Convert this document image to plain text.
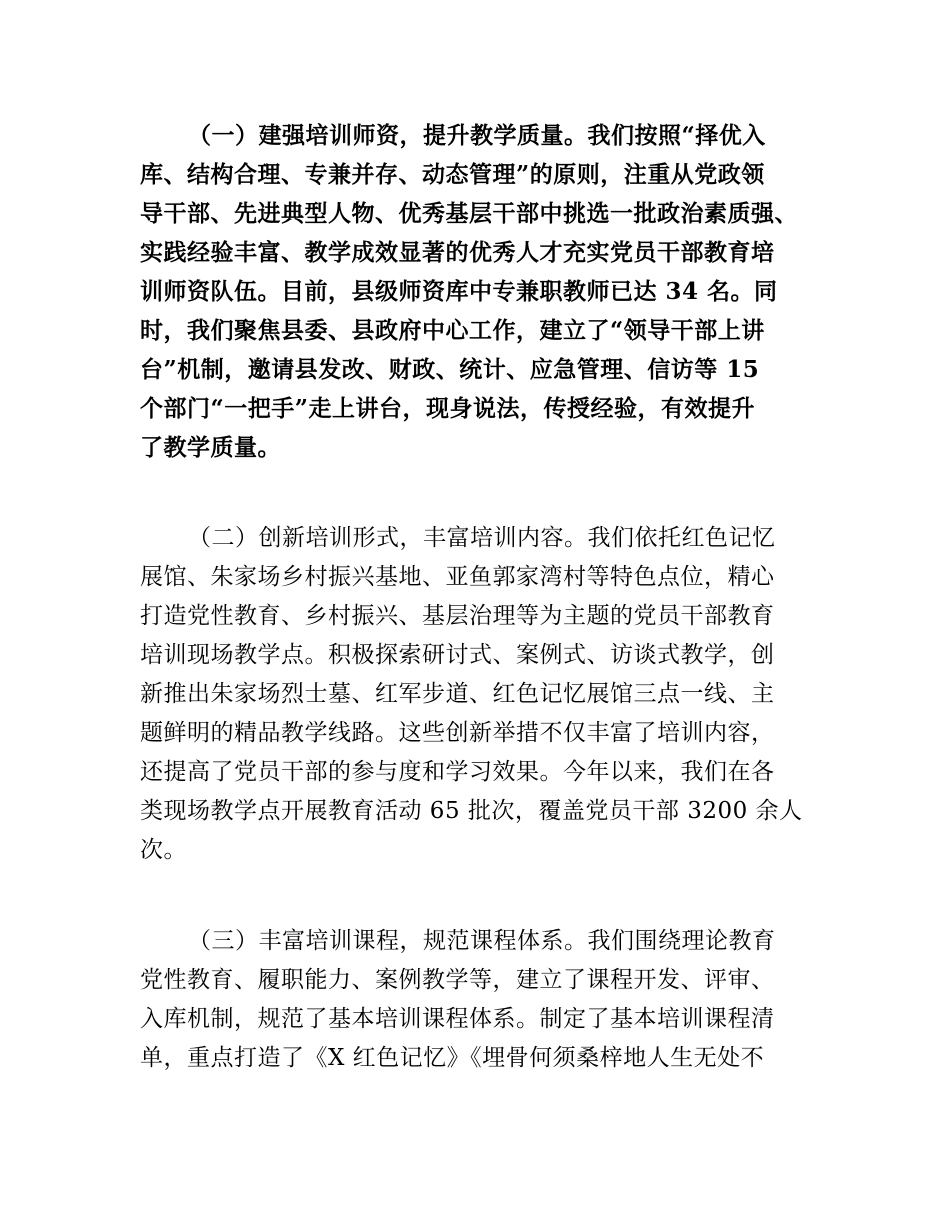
（一）建强培训师资，提升教学质量。我们按照“择优入
库、结构合理、专兼并存、动态管理”的原则，注重从党政领
导干部、先进典型人物、优秀基层干部中挑选一批政治素质强、
实践经验丰富、教学成效显著的优秀人才充实党员干部教育培
训师资队伍。目前，县级师资库中专兼职教师已达 34 名。同
时，我们聚焦县委、县政府中心工作，建立了“领导干部上讲
台”机制，邀请县发改、财政、统计、应急管理、信访等 15
个部门“一把手”走上讲台，现身说法，传授经验，有效提升
了教学质量。
（二）创新培训形式，丰富培训内容。我们依托红色记忆
展馆、朱家场乡村振兴基地、亚鱼郭家湾村等特色点位，精心
打造党性教育、乡村振兴、基层治理等为主题的党员干部教育
培训现场教学点。积极探索研讨式、案例式、访谈式教学，创
新推出朱家场烈士墓、红军步道、红色记忆展馆三点一线、主
题鲜明的精品教学线路。这些创新举措不仅丰富了培训内容，
还提高了党员干部的参与度和学习效果。今年以来，我们在各
类现场教学点开展教育活动 65 批次，覆盖党员干部 3200 余人
次。
（三）丰富培训课程，规范课程体系。我们围绕理论教育
党性教育、履职能力、案例教学等，建立了课程开发、评审、
入库机制，规范了基本培训课程体系。制定了基本培训课程清
单，重点打造了《X 红色记忆》《埋骨何须桑梓地人生无处不
